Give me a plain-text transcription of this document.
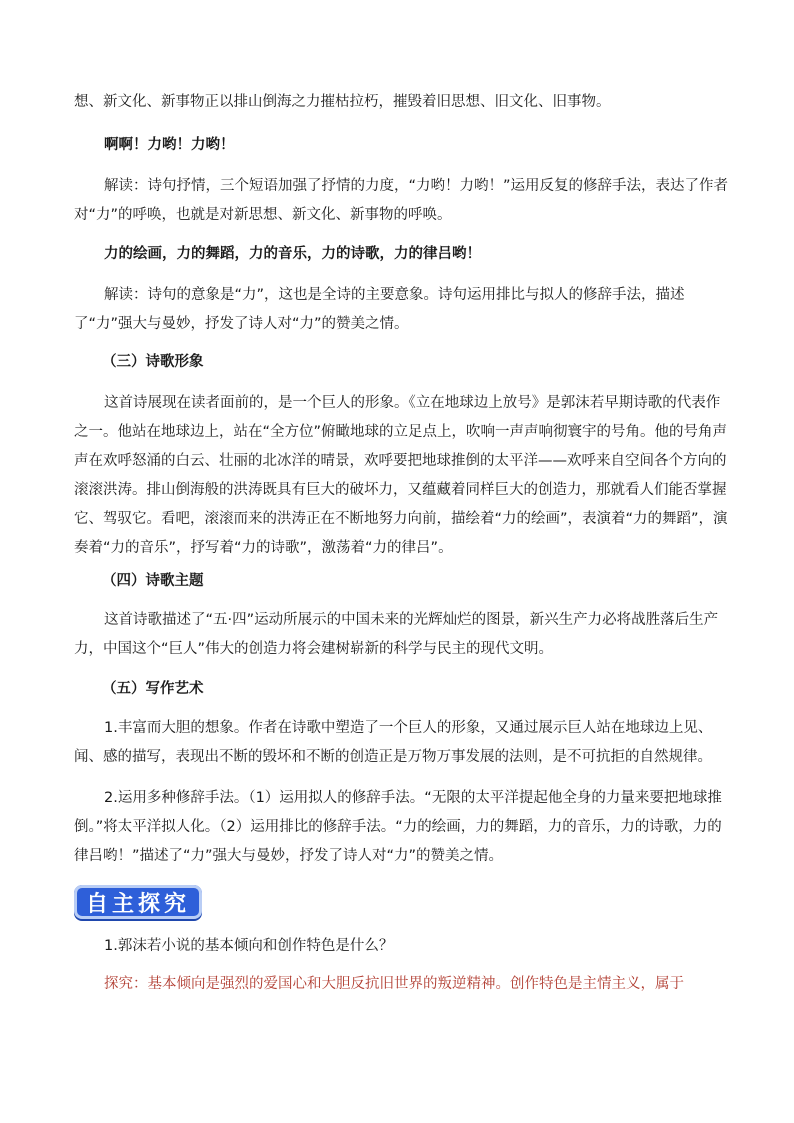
想、新文化、新事物正以排山倒海之力摧枯拉朽，摧毁着旧思想、旧文化、旧事物。

啊啊！力哟！力哟！

解读：诗句抒情，三个短语加强了抒情的力度，“力哟！力哟！”运用反复的修辞手法，表达了作者对“力”的呼唤，也就是对新思想、新文化、新事物的呼唤。

力的绘画，力的舞蹈，力的音乐，力的诗歌，力的律吕哟！

解读：诗句的意象是“力”，这也是全诗的主要意象。诗句运用排比与拟人的修辞手法，描述了“力”强大与曼妙，抒发了诗人对“力”的赞美之情。

（三）诗歌形象

这首诗展现在读者面前的，是一个巨人的形象。《立在地球边上放号》是郭沫若早期诗歌的代表作之一。他站在地球边上，站在“全方位”俯瞰地球的立足点上，吹响一声声响彻寰宇的号角。他的号角声声在欢呼怒涌的白云、壮丽的北冰洋的晴景，欢呼要把地球推倒的太平洋——欢呼来自空间各个方向的滚滚洪涛。排山倒海般的洪涛既具有巨大的破坏力，又蕴藏着同样巨大的创造力，那就看人们能否掌握它、驾驭它。看吧，滚滚而来的洪涛正在不断地努力向前，描绘着“力的绘画”，表演着“力的舞蹈”，演奏着“力的音乐”，抒写着“力的诗歌”，激荡着“力的律吕”。

（四）诗歌主题

这首诗歌描述了“五·四”运动所展示的中国未来的光辉灿烂的图景，新兴生产力必将战胜落后生产力，中国这个“巨人”伟大的创造力将会建树崭新的科学与民主的现代文明。

（五）写作艺术

1.丰富而大胆的想象。作者在诗歌中塑造了一个巨人的形象，又通过展示巨人站在地球边上见、闻、感的描写，表现出不断的毁坏和不断的创造正是万物万事发展的法则，是不可抗拒的自然规律。

2.运用多种修辞手法。（1）运用拟人的修辞手法。“无限的太平洋提起他全身的力量来要把地球推倒。”将太平洋拟人化。（2）运用排比的修辞手法。“力的绘画，力的舞蹈，力的音乐，力的诗歌，力的律吕哟！”描述了“力”强大与曼妙，抒发了诗人对“力”的赞美之情。

自主探究

1.郭沫若小说的基本倾向和创作特色是什么？

探究：基本倾向是强烈的爱国心和大胆反抗旧世界的叛逆精神。创作特色是主情主义，属于
